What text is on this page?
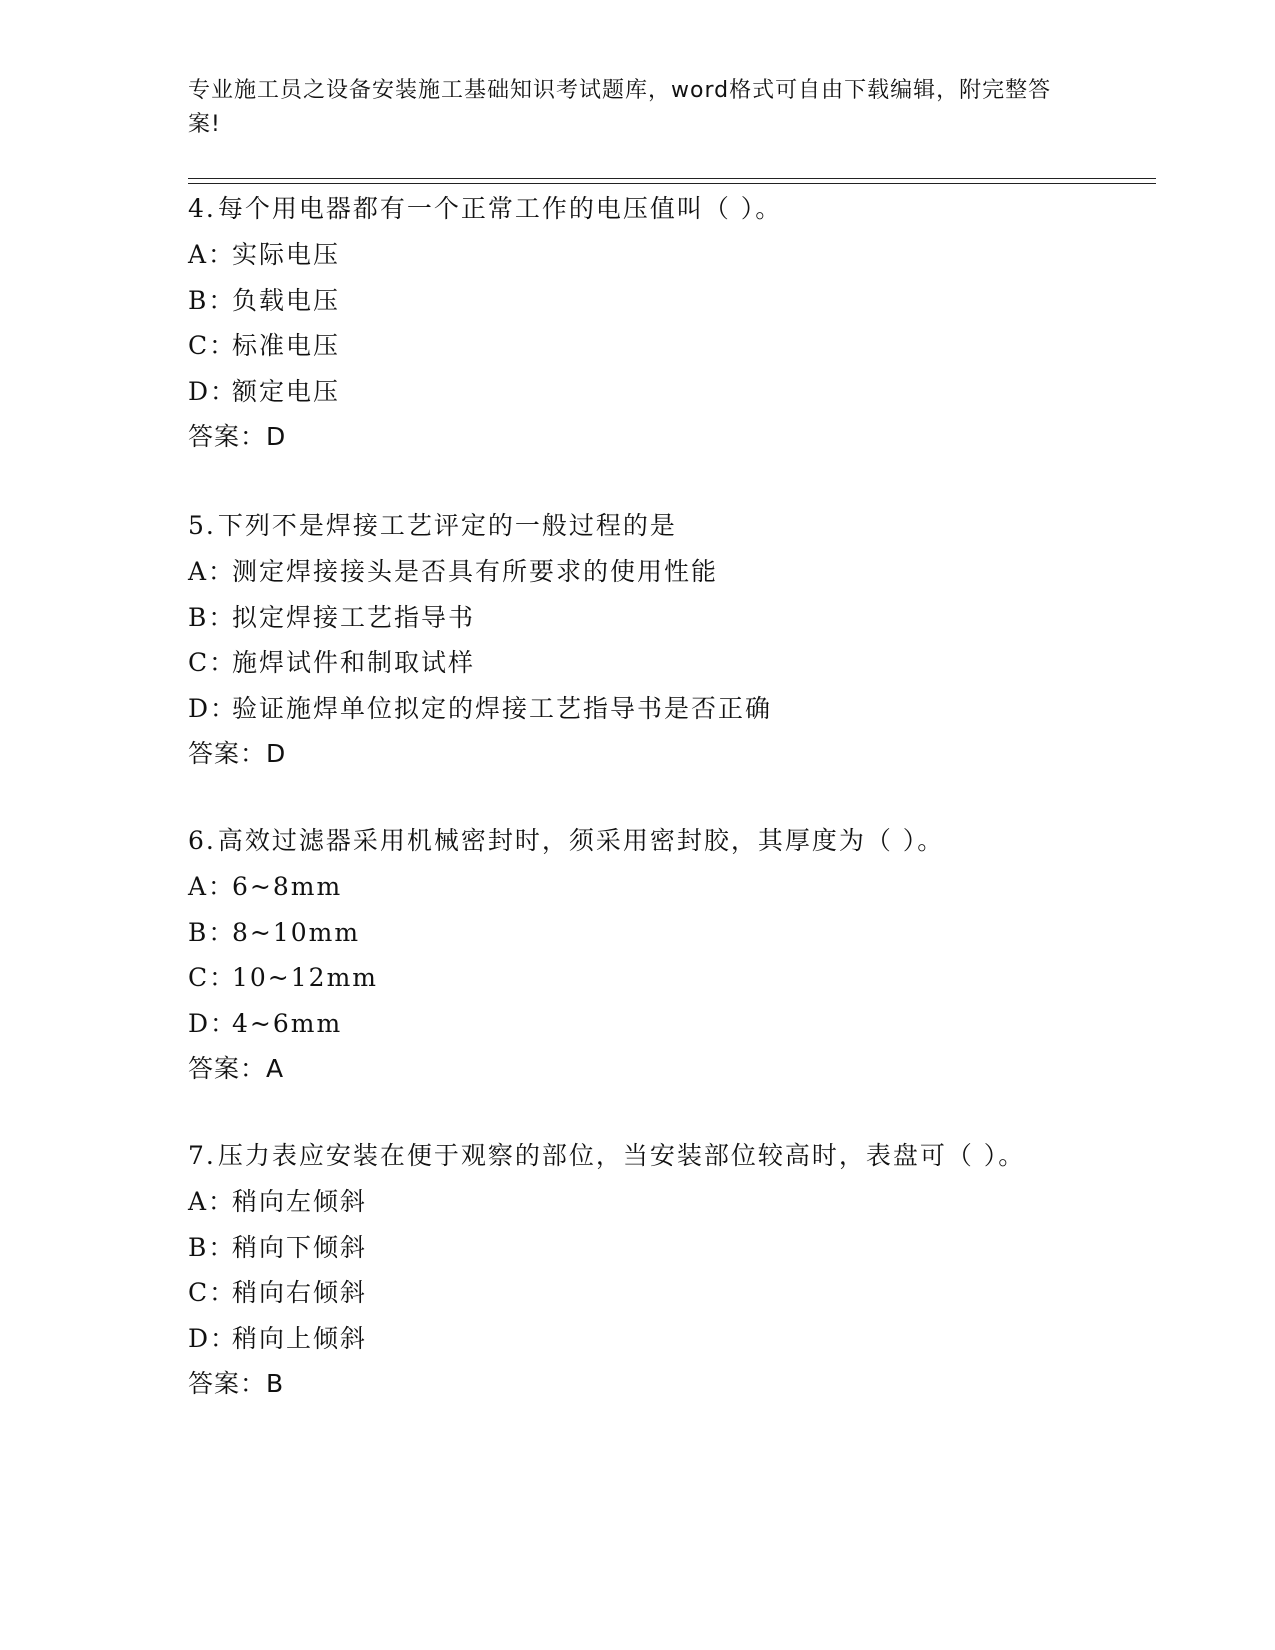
专业施工员之设备安装施工基础知识考试题库，word格式可自由下载编辑，附完整答案!
4.每个用电器都有一个正常工作的电压值叫（ ）。
A：实际电压
B：负载电压
C：标准电压
D：额定电压
答案：D
5.下列不是焊接工艺评定的一般过程的是
A：测定焊接接头是否具有所要求的使用性能
B：拟定焊接工艺指导书
C：施焊试件和制取试样
D：验证施焊单位拟定的焊接工艺指导书是否正确
答案：D
6.高效过滤器采用机械密封时，须采用密封胶，其厚度为（ ）。
A：6~8mm
B：8~10mm
C：10~12mm
D：4~6mm
答案：A
7.压力表应安装在便于观察的部位，当安装部位较高时，表盘可（ ）。
A：稍向左倾斜
B：稍向下倾斜
C：稍向右倾斜
D：稍向上倾斜
答案：B
